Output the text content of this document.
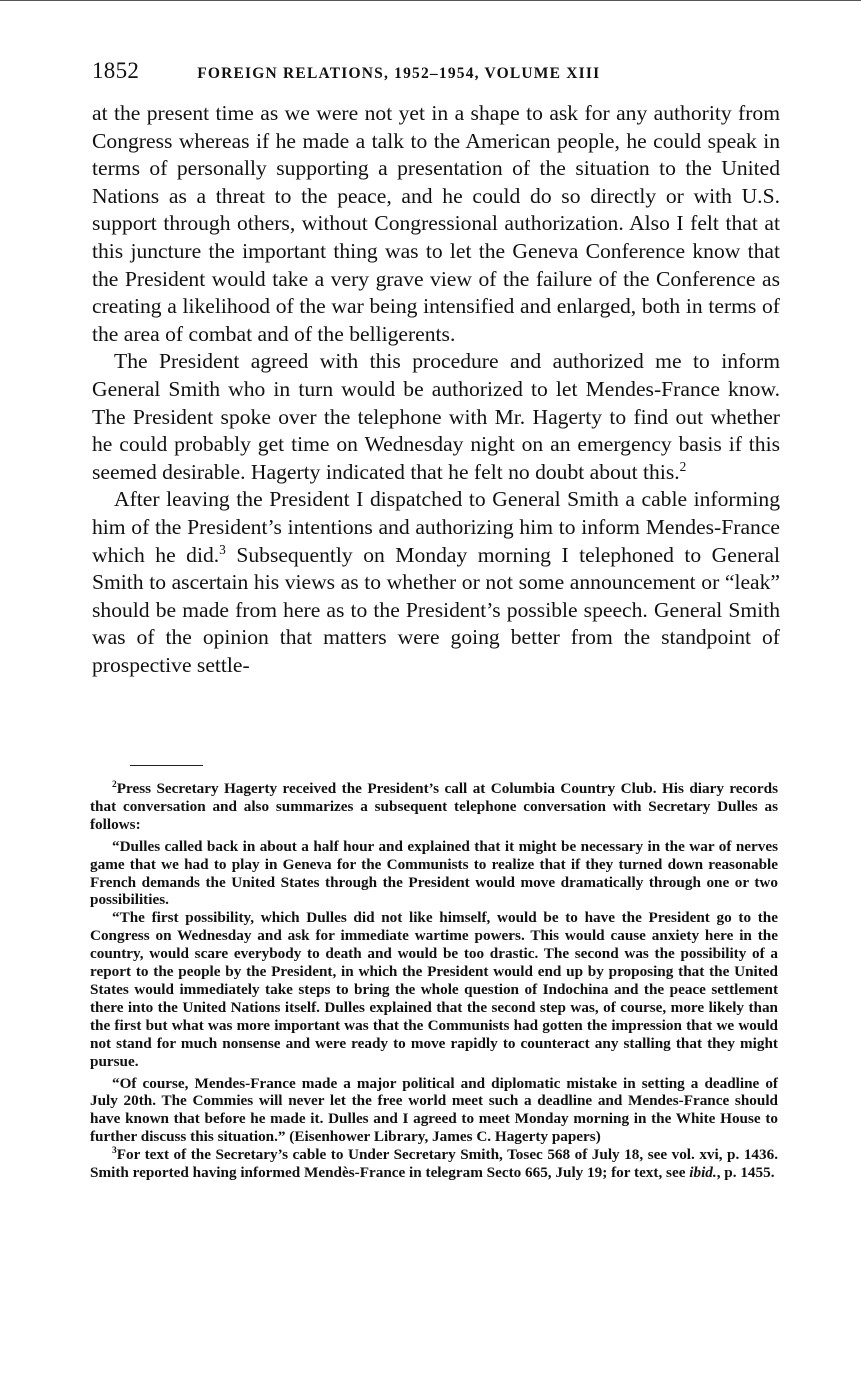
1852	FOREIGN RELATIONS, 1952–1954, VOLUME XIII

at the present time as we were not yet in a shape to ask for any authority from Congress whereas if he made a talk to the American people, he could speak in terms of personally supporting a presentation of the situation to the United Nations as a threat to the peace, and he could do so directly or with U.S. support through others, without Congressional authorization. Also I felt that at this juncture the important thing was to let the Geneva Conference know that the President would take a very grave view of the failure of the Conference as creating a likelihood of the war being intensified and enlarged, both in terms of the area of combat and of the belligerents.

The President agreed with this procedure and authorized me to inform General Smith who in turn would be authorized to let Mendes-France know. The President spoke over the telephone with Mr. Hagerty to find out whether he could probably get time on Wednesday night on an emergency basis if this seemed desirable. Hagerty indicated that he felt no doubt about this.$^2$

After leaving the President I dispatched to General Smith a cable informing him of the President’s intentions and authorizing him to inform Mendes-France which he did.$^3$ Subsequently on Monday morning I telephoned to General Smith to ascertain his views as to whether or not some announcement or “leak” should be made from here as to the President’s possible speech. General Smith was of the opinion that matters were going better from the standpoint of prospective settle-

$^2$Press Secretary Hagerty received the President’s call at Columbia Country Club. His diary records that conversation and also summarizes a subsequent telephone conversation with Secretary Dulles as follows:

“Dulles called back in about a half hour and explained that it might be necessary in the war of nerves game that we had to play in Geneva for the Communists to realize that if they turned down reasonable French demands the United States through the President would move dramatically through one or two possibilities.

“The first possibility, which Dulles did not like himself, would be to have the President go to the Congress on Wednesday and ask for immediate wartime powers. This would cause anxiety here in the country, would scare everybody to death and would be too drastic. The second was the possibility of a report to the people by the President, in which the President would end up by proposing that the United States would immediately take steps to bring the whole question of Indochina and the peace settlement there into the United Nations itself. Dulles explained that the second step was, of course, more likely than the first but what was more important was that the Communists had gotten the impression that we would not stand for much nonsense and were ready to move rapidly to counteract any stalling that they might pursue.

“Of course, Mendes-France made a major political and diplomatic mistake in setting a deadline of July 20th. The Commies will never let the free world meet such a deadline and Mendes-France should have known that before he made it. Dulles and I agreed to meet Monday morning in the White House to further discuss this situation.” (Eisenhower Library, James C. Hagerty papers)

$^3$For text of the Secretary’s cable to Under Secretary Smith, Tosec 568 of July 18, see vol. xvi, p. 1436. Smith reported having informed Mendès-France in telegram Secto 665, July 19; for text, see ibid., p. 1455.
